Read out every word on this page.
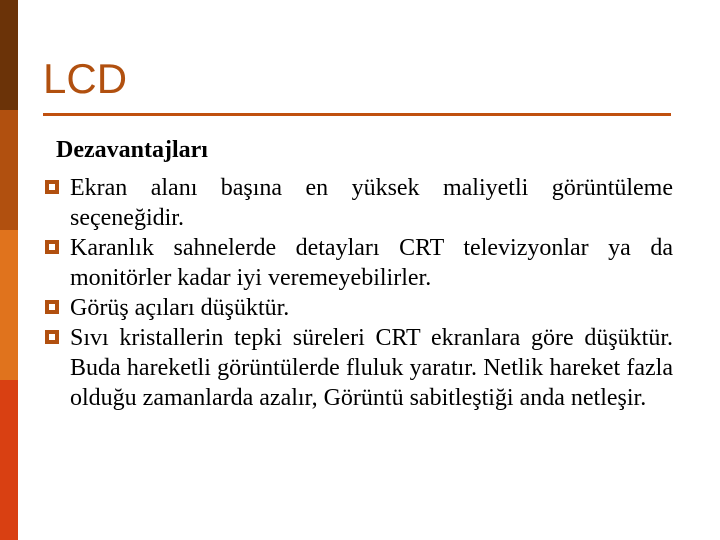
LCD
Dezavantajları
Ekran alanı başına en yüksek maliyetli görüntüleme seçeneğidir.
Karanlık sahnelerde detayları CRT televizyonlar ya da monitörler kadar iyi veremeyebilirler.
Görüş açıları düşüktür.
Sıvı kristallerin tepki süreleri CRT ekranlara göre düşüktür. Buda hareketli görüntülerde fluluk yaratır. Netlik hareket fazla olduğu zamanlarda azalır, Görüntü sabitleştiği anda netleşir.
